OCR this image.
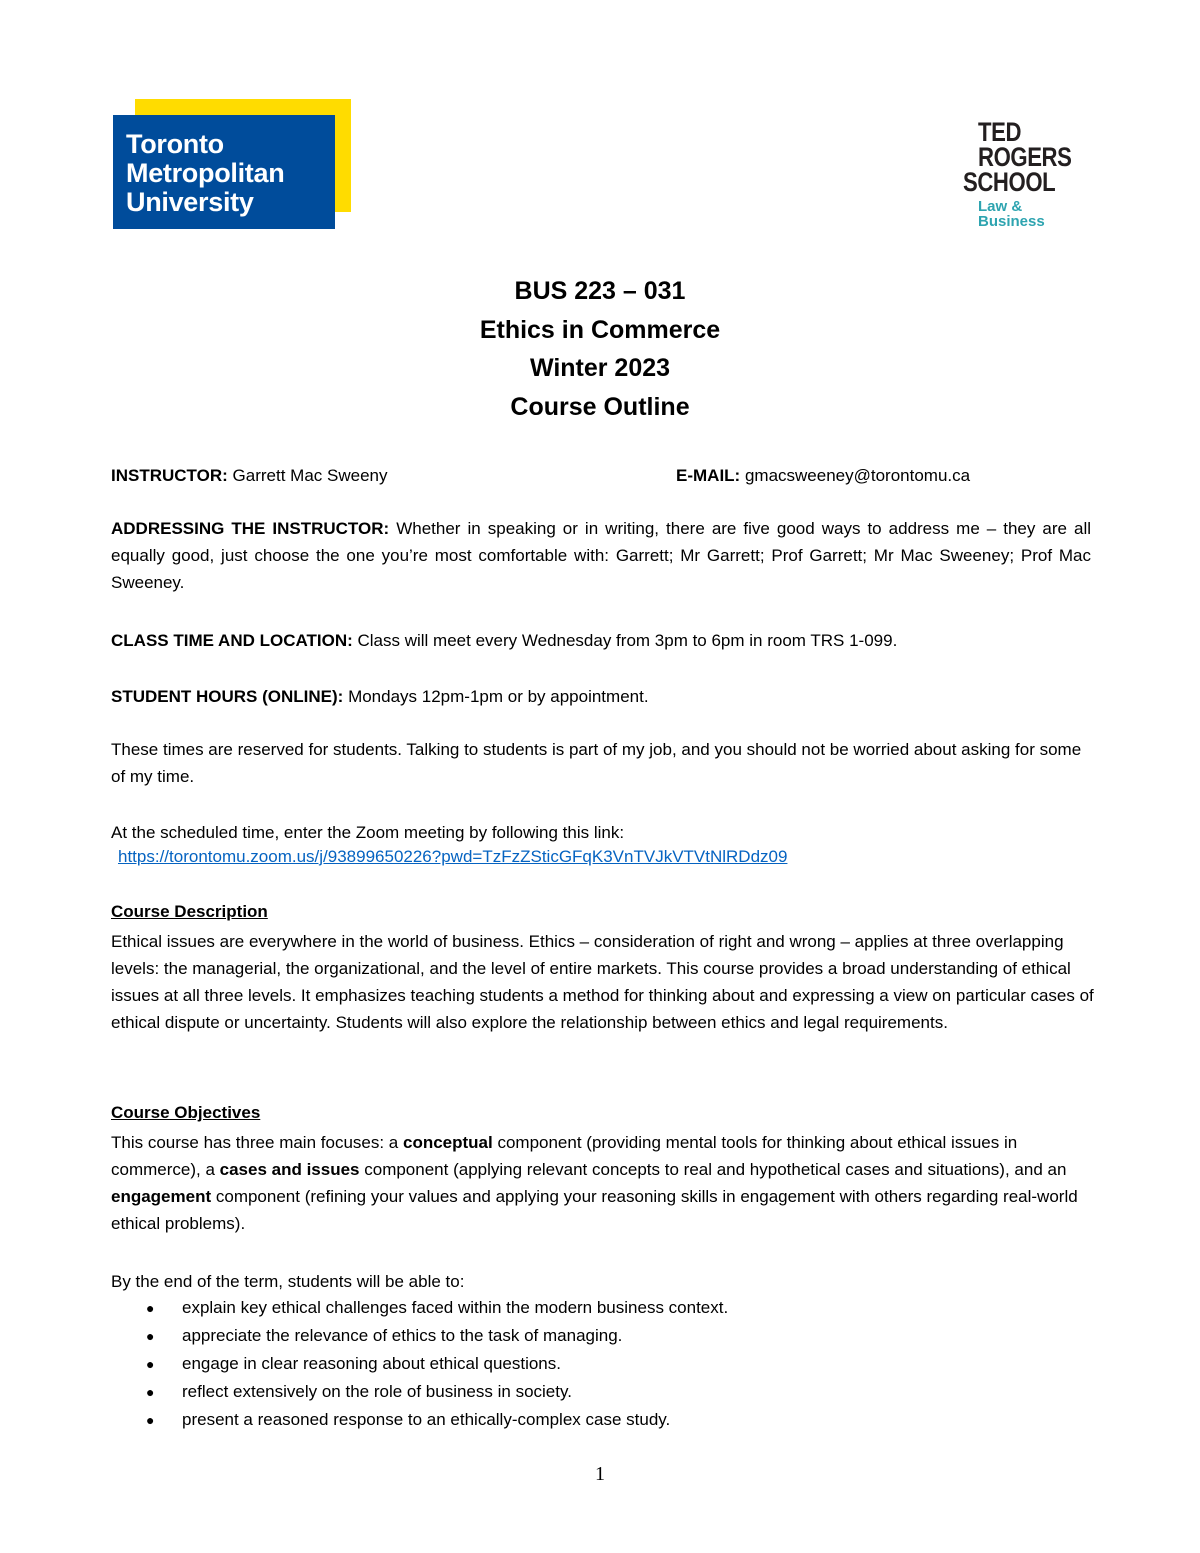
Toronto
Metropolitan
University

TED
ROGERS
SCHOOL
Law &
Business
BUS 223 – 031
Ethics in Commerce
Winter 2023
Course Outline
INSTRUCTOR: Garrett Mac Sweeny	E-MAIL: gmacsweeney@torontomu.ca

ADDRESSING THE INSTRUCTOR: Whether in speaking or in writing, there are five good ways to address me – they are all equally good, just choose the one you’re most comfortable with: Garrett; Mr Garrett; Prof Garrett; Mr Mac Sweeney; Prof Mac Sweeney.

CLASS TIME AND LOCATION: Class will meet every Wednesday from 3pm to 6pm in room TRS 1-099.

STUDENT HOURS (ONLINE): Mondays 12pm-1pm or by appointment.

These times are reserved for students. Talking to students is part of my job, and you should not be worried about asking for some of my time.

At the scheduled time, enter the Zoom meeting by following this link:

https://torontomu.zoom.us/j/93899650226?pwd=TzFzZSticGFqK3VnTVJkVTVtNlRDdz09

Course Description

Ethical issues are everywhere in the world of business. Ethics – consideration of right and wrong – applies at three overlapping levels: the managerial, the organizational, and the level of entire markets. This course provides a broad understanding of ethical issues at all three levels. It emphasizes teaching students a method for thinking about and expressing a view on particular cases of ethical dispute or uncertainty. Students will also explore the relationship between ethics and legal requirements.

Course Objectives

This course has three main focuses: a conceptual component (providing mental tools for thinking about ethical issues in commerce), a cases and issues component (applying relevant concepts to real and hypothetical cases and situations), and an engagement component (refining your values and applying your reasoning skills in engagement with others regarding real-world ethical problems).

By the end of the term, students will be able to:

● explain key ethical challenges faced within the modern business context.
● appreciate the relevance of ethics to the task of managing.
● engage in clear reasoning about ethical questions.
● reflect extensively on the role of business in society.
● present a reasoned response to an ethically-complex case study.
1
